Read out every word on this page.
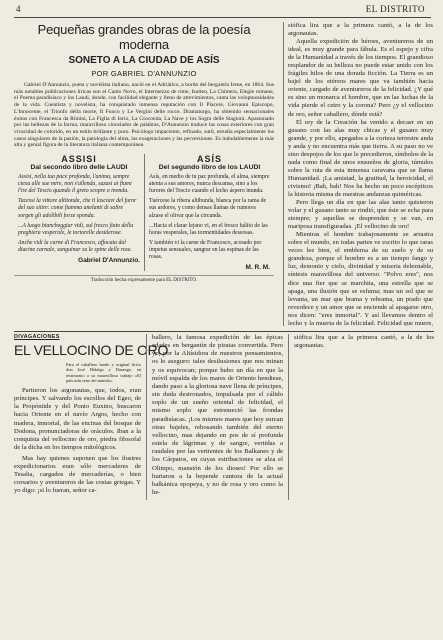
4	EL DISTRITO
Pequeñas grandes obras de la poesía moderna
SONETO A LA CIUDAD DE ASÍS
POR GABRIEL D'ANNUNZIO

Gabriel D'Annunzio, poeta y novelista italiano, nació en el Adriático, a bordo del bergantín Irene, en 1864. Sus más notables publicaciones líricas son el Canto Novo, el Intermezzo de rime, Isotteo, La Chimera, Elegie romane, el Poema paradisiaco y los Laudi, donde, con facilidad elegante y lleno de atrevimientos, canta las voluptuosidades de la vida. Cuentista y novelista, ha conquistado inmensa reputación con Il Piacere, Giovanni Episcopo, L'Innocente, el Trionfo della morte, Il Fuoco y Le Vergini delle rocce. Dramaturgo, ha obtenido sensacionales éxitos con Francesca da Rimini, La Figlia di Iorio, La Gioconda, La Nave y los Sogni delle Stagioni. Apasionado por las bellezas de la forma, maravilloso cincelador de palabras, D'Annunzio traduce las cosas exteriores con gran vivacidad de colorido, en un estilo brillante y puro. Psicólogo impaciente, refinado, sutil, estudia especialmente los casos singulares de la pasión, la patología del alma, las exageraciones y las perversiones. Es indudablemente la más alta y genial figura de la literatura italiana contemporánea.

ASSISI
Dal secondo libro delle LAUDI

Assisi, nella tua pace profonda, l'anima, sempre ciexa alle sue mire, non s'allenda, sazasi ai fiumi l'ire del Tescio quando il greto scopre o inonda.

Tacessi la vittore altitonda, che ti lasciavi del furor del suo sitire: come fiamma anelanti di salire sorgen gli adolibili forze sponda.

...A luogo biancheggiar vidi, sul fresco fiato della preghiera vesperale, le tortorelle desiderose.

Anche vidi la carne di Francesco, affocata dal diacine carnale, sanguinar su le spine delle rose.

Gabriel D'Annunzio.
ASÍS
Del segundo libro de los LAUDI

Asís, en medio de tu paz profunda, el alma, siempre atenta a sus amores, nunca descansa, sino a los furores del Tescio cuando el lecho áspero inunda.

Tuércese la ribera altibunda, blanca por la rama de sus ardores, y como densas llamas de rumores alzase el olivar que la circunda.

...Hacia el clarar lejano vi, en el fresco hálito de las horas vesperales, las tormentidades deseosas.

Y también vi la carne de Francesco, acosado por ímpetus sensuales, sangrar en las espinas de las rosas.

M. R. M.
Traducción hecha expresamente para EL DISTRITO.

siófica lira que a la primera cantó, a la de los argonautas.

Aquella expedición de héroes, aventureros de un ideal, es muy grande para fábula. Es el espejo y cifra de la Humanidad a través de los tiempos. El grandioso resplandor de su belleza no puede estar unido con los frágiles hilos de una dorada ficción. La Tierra es un bajel de los etéreos mares que va también hacia oriente, cargado de aventureros de la felicidad. ¿Y qué es sino un monarca el hombre, que en las luchas de la vida pierde el cetro y la corona? Pero ¿y el vellocino de oro, señor caballero, dónde está?

El rey de la Creación ha venido a decaer en un gusano con las alas muy chicas y el gusano muy grande, y por ello, apegados a la corteza terrestre anda y anda y no encuentra más que tierra. A su paso no ve sino despojos de los que le precedieron, símbolos de la nada como final de unos ensueños de gloria, túmulos sobre la ruta de esta inmensa caravana que se llama Humanidad. ¡La amistad, la gratitud, la heroicidad, el civismo! ¡Bah, bah! Nos ha hecho un poco escépticos la historia misma de nuestras andanzas quiméricas.

Pero llega un día en que las alas tanto quisieron volar y el gusano tanto se rindió, que éste se echa para siempre; y aquellas se desprenden y se van, en mariposa transfiguradas. ¡El vellocino de oro!

Mientras el hombre trabajosamente se arrastra sobre el mundo, en todas partes ve escrito lo que raras veces lee bien, el emblema de su suelo y de su grandeza, porque el hombre es a un tiempo fango y luz, demonio y cielo, divinidad y miseria deleznable, síntesis maravillosa del universo. "Polvo eres", nos dice una fier que se marchita, una estrella que se apaga, una ilusión que se esfuma; mas un sol que se levanta, un mar que brama y rebrama, un prado que reverdece y un amor que se enciende al apagarse otro, nos dicen: "eres inmortal". Y así llevamos dentro el lecho y la muerta de la felicidad. Felicidad que muere,

DIVAGACIONES
EL VELLOCINO DE ORO
Para el caballero bardo y original lírico don José Hidalgo y Durango, en testimonio a su maravilloso trabajo «El país más reno del mundo».

Partieron los argonautas, que, todos, eran príncipes. Y salvando los escollos del Egeo, de la Propóntide y del Ponto Euxino, buscaron hacia Oriente en el navío Argos, hecho con madera, inmortal, de las encinas del bosque de Dodona, pronunciadoras de oráculos. Iban a la conquista del vellocino de oro, piedra filosofal de la dicha en los tiempos mitológicos.

Mas hay quienes suponen que los ilustres expedicionarios eran sólo mercaderes de Tesalia, cargados de mercaderías, o bien corsarios y aventureros de las costas griegas. Y yo digo: ¡si lo fueran, señor ca-

ballero, la famosa expedición de las épicas edades en bergantín de piratas convertida. Pero yo, por la Altísidora de nuestros pensamientos, os lo aseguro: tales desilusiones que nos minan y os equivocan; porque hubo un día en que la móvil espalda de los mares de Oriente hendiese, dando paso a la gloriosa nave llena de príncipes, sin duda destronados, impulsada por el cálido soplo de un sueño oriental de felicidad, el mismo soplo que estremeció las frondas paradisíacas. ¡Los mismos mares que hoy surcan otras bajeles, rebosando también del eterno vellocino, mas dejando en pos de sí profunda estela de lágrimas y de sangre, vertidas a raudales por las vertientes de los Balkanes y de los Cárpatos, en cuyas estribaciones se alza el Olimpo, mansión de los dioses! Por ello se hurtaron a la bepende cantora de la actual balkánica epopeya, y no de rosa y oro como la he-

siófica lira que a la primera cantó, a la de los argonautas.
